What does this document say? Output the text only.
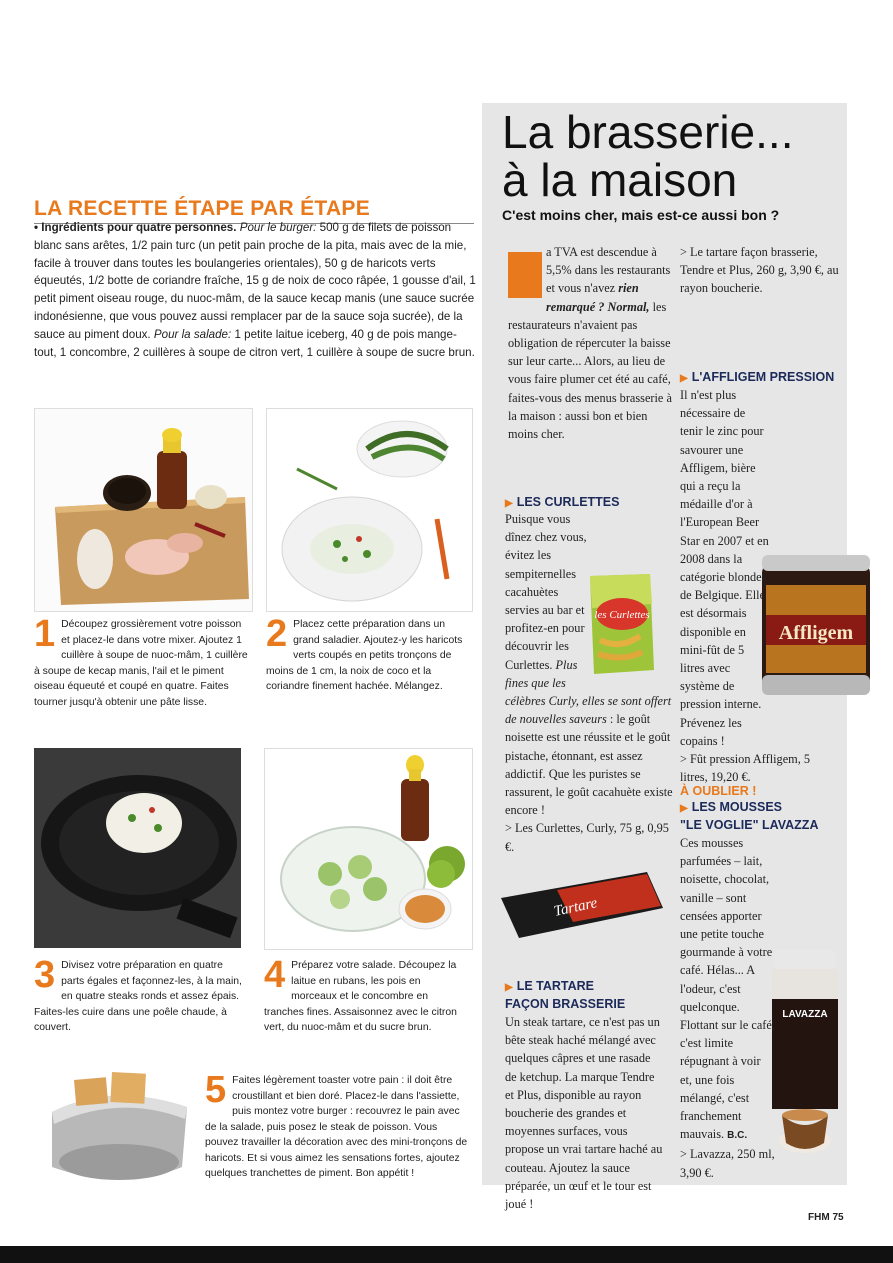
LA RECETTE ÉTAPE PAR ÉTAPE
• Ingrédients pour quatre personnes. Pour le burger: 500 g de filets de poisson blanc sans arêtes, 1/2 pain turc (un petit pain proche de la pita, mais avec de la mie, facile à trouver dans toutes les boulangeries orientales), 50 g de haricots verts équeutés, 1/2 botte de coriandre fraîche, 15 g de noix de coco râpée, 1 gousse d'ail, 1 petit piment oiseau rouge, du nuoc-mâm, de la sauce kecap manis (une sauce sucrée indonésienne, que vous pouvez aussi remplacer par de la sauce soja sucrée), de la sauce au piment doux. Pour la salade: 1 petite laitue iceberg, 40 g de pois mange-tout, 1 concombre, 2 cuillères à soupe de citron vert, 1 cuillère à soupe de sucre brun.
1 Découpez grossièrement votre poisson et placez-le dans votre mixer. Ajoutez 1 cuillère à soupe de nuoc-mâm, 1 cuillère à soupe de kecap manis, l'ail et le piment oiseau équeuté et coupé en quatre. Faites tourner jusqu'à obtenir une pâte lisse.
2 Placez cette préparation dans un grand saladier. Ajoutez-y les haricots verts coupés en petits tronçons de moins de 1 cm, la noix de coco et la coriandre finement hachée. Mélangez.
3 Divisez votre préparation en quatre parts égales et façonnez-les, à la main, en quatre steaks ronds et assez épais. Faites-les cuire dans une poêle chaude, à couvert.
4 Préparez votre salade. Découpez la laitue en rubans, les pois en morceaux et le concombre en tranches fines. Assaisonnez avec le citron vert, du nuoc-mâm et du sucre brun.
5 Faites légèrement toaster votre pain : il doit être croustillant et bien doré. Placez-le dans l'assiette, puis montez votre burger : recouvrez le pain avec de la salade, puis posez le steak de poisson. Vous pouvez travailler la décoration avec des mini-tronçons de haricots. Et si vous aimez les sensations fortes, ajoutez quelques tranchettes de piment. Bon appétit !
La brasserie...
à la maison
C'est moins cher, mais est-ce aussi bon ?
a TVA est descendue à 5,5% dans les restaurants et vous n'avez rien remarqué ? Normal, les restaurateurs n'avaient pas obligation de répercuter la baisse sur leur carte... Alors, au lieu de vous faire plumer cet été au café, faites-vous des menus brasserie à la maison : aussi bon et bien moins cher.
▶ LES CURLETTES
les Curlettes
Puisque vous dînez chez vous, évitez les sempiternelles cacahuètes servies au bar et profitez-en pour découvrir les Curlettes. Plus fines que les célèbres Curly, elles se sont offert de nouvelles saveurs : le goût noisette est une réussite et le goût pistache, étonnant, est assez addictif. Que les puristes se rassurent, le goût cacahuète existe encore !
> Les Curlettes, Curly, 75 g, 0,95 €.
Tartare
▶ LE TARTARE
FAÇON BRASSERIE
Un steak tartare, ce n'est pas un bête steak haché mélangé avec quelques câpres et une rasade de ketchup. La marque Tendre et Plus, disponible au rayon boucherie des grandes et moyennes surfaces, vous propose un vrai tartare haché au couteau. Ajoutez la sauce préparée, un œuf et le tour est joué !
> Le tartare façon brasserie, Tendre et Plus, 260 g, 3,90 €, au rayon boucherie.
▶ L'AFFLIGEM PRESSION
Affligem
Il n'est plus nécessaire de tenir le zinc pour savourer une Affligem, bière qui a reçu la médaille d'or à l'European Beer Star en 2007 et en 2008 dans la catégorie blondes de Belgique. Elle est désormais disponible en mini-fût de 5 litres avec système de pression interne. Prévenez les copains !
> Fût pression Affligem, 5 litres, 19,20 €.
À OUBLIER !
▶ LES MOUSSES
"LE VOGLIE" LAVAZZA
LAVAZZA
Ces mousses parfumées – lait, noisette, chocolat, vanille – sont censées apporter une petite touche gourmande à votre café. Hélas... A l'odeur, c'est quelconque. Flottant sur le café, c'est limite répugnant à voir et, une fois mélangé, c'est franchement mauvais. B.C.
> Lavazza, 250 ml, 3,90 €.
FHM 75
